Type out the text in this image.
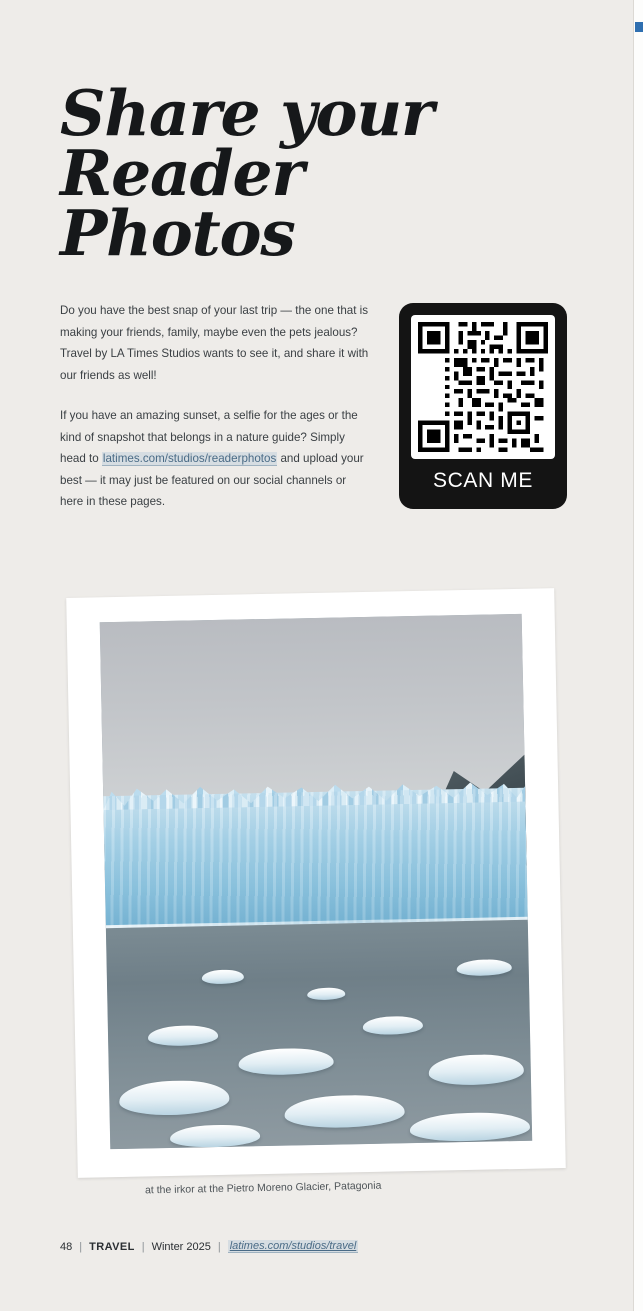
Share your
Reader
Photos

Do you have the best snap of your last trip — the one that is making your friends, family, maybe even the pets jealous? Travel by LA Times Studios wants to see it, and share it with our friends as well!

If you have an amazing sunset, a selfie for the ages or the kind of snapshot that belongs in a nature guide? Simply head to latimes.com/studios/readerphotos and upload your best — it may just be featured on our social channels or here in these pages.

SCAN ME
at the irkor at the Pietro Moreno Glacier, Patagonia
48 | TRAVEL | Winter 2025 | latimes.com/studios/travel
